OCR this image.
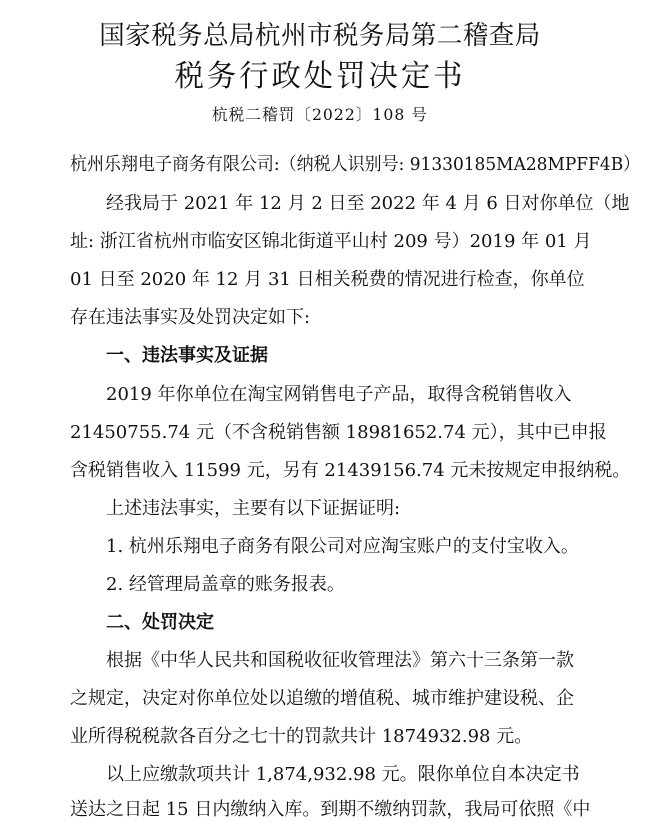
国家税务总局杭州市税务局第二稽查局
税务行政处罚决定书
杭税二稽罚〔2022〕108 号
杭州乐翔电子商务有限公司:（纳税人识别号: 91330185MA28MPFF4B）
经我局于 2021 年 12 月 2 日至 2022 年 4 月 6 日对你单位（地
址: 浙江省杭州市临安区锦北街道平山村 209 号）2019 年 01 月
01 日至 2020 年 12 月 31 日相关税费的情况进行检查，你单位
存在违法事实及处罚决定如下:
一、违法事实及证据
2019 年你单位在淘宝网销售电子产品，取得含税销售收入
21450755.74 元（不含税销售额 18981652.74 元），其中已申报
含税销售收入 11599 元，另有 21439156.74 元未按规定申报纳税。
上述违法事实，主要有以下证据证明:
1. 杭州乐翔电子商务有限公司对应淘宝账户的支付宝收入。
2. 经管理局盖章的账务报表。
二、处罚决定
根据《中华人民共和国税收征收管理法》第六十三条第一款
之规定，决定对你单位处以追缴的增值税、城市维护建设税、企
业所得税税款各百分之七十的罚款共计 1874932.98 元。
以上应缴款项共计 1,874,932.98 元。限你单位自本决定书
送达之日起 15 日内缴纳入库。到期不缴纳罚款，我局可依照《中
